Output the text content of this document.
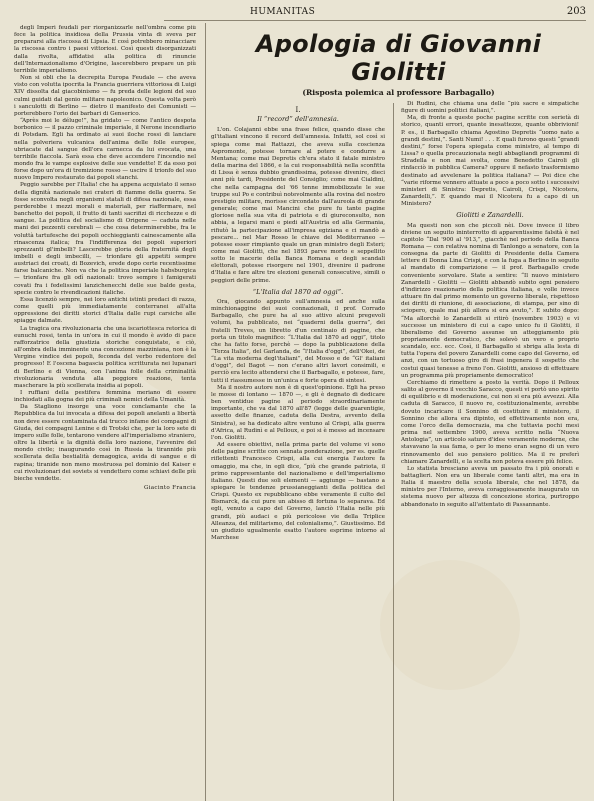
HUMANITAS	203

degli Imperi feudali per riorganizzarle nell'ombra come più fece la politica insidiosa della Prussia vinta di sveva per prepararsi alla riscossa di Lipsia. E così potrebbero minacciare la riscossa contro i paesi vittoriosi. Così questi disorganizzati dalla rivolta, affidatisi alla politica di rinuncie dell'Internazionalismo d'Origine, lascerebbero prepare un più terribile imperialismo.

Non si obli che la decrepita Europa Feudale — che aveva visto con volutta ipocrita la Francia guerriera vittoriosa di Luigi XIV dissolta dal giacobinismo — fu preda delle legioni del suo culmi guidati dal genio militare napoleonico. Questa volta però i sanculotti di Berlino — dietro il manifesto dei Comunisti — porterebbero l'orio dei barbari di Genserico.

“Après moi le déluge!”, ha gridato — come l'antico despota borbonico — il pazzo criminale imperiale, il Nerone incendiario di Potsdam. Egli ha ordinato ai suoi iloche rossi di lanciare nella polveriera vulcanica dell'anima delle folle europee, ubriacate dal sangue dell'ora carneсса da lui evocata, una terribile fiaccola. Sarà essa che deve accendere l'incendio nel mondo fra le vampe esplosive delle sue vendette! E da esso poi forse dopo un'ora di tremizione rosso — uscire il trionfo del suo nuovo Impero restaurato dai popoli stanchi.

Peggio sarebbe per l'Italia! che ha appena acquistato il senso della dignità nazionale nei crateri di fiamme della guerra. Se fosse sconvolta negli organismi statali di difesa nazionale, essa perderebbe i mezzi morali e materiali, per riaffermare, nel banchetto dei popoli, il frutto di tanti sacrifizi di ricchezze e di sangue. La politica del socialismo di Origene — caduta nelle mani dei pezzenti cerebrali — che cosa determinerebbe, fra le voluttà tartufesche dei popoli occhieggianti cainescamente alla rinascenza italica; fra l'indifferenza dei popoli superiori sprezzanti gl'imbelli? Lascerebbe gloria della fraternità degli imbelli e degli imbecilli, — trionfare gli appetiti sempre austriaci dei croati, di Bozevich, erede dopo certe recentissime farse balcaniche. Non va che la politica imperiale habsburgica — trionfare fra gli odî nazionali: trovo sempre i famigerati covati fra i fedelissimi lanzichenecchi delle sue balde gesta, specie contro le rivendicazioni italiche.

Essa licenziò sempre, nei loro antichi istinti predaci di razza, come quelli più immediatamente conterranei all'alta oppressione dei diritti storici d'Italia dalle rupi carsiche alle spiagge dalmate.

La tragica ora rivoluzionaria che una iscariottesca retorica di eunuchi rossi, tenta in un'ora in cui il mondo è avido di pace rafforzatrice della giustizia storiche conquistate, e ciò, all'ombra della imminente una concezione mazziniana, non è la Vergine vindice dei popoli, feconda del verbo redentore del progresso! E l'oscena bagascia politica scritturata nei lupanari di Berlino e di Vienna, con l'anima folle della criminalità rivoluzionaria venduta alla peggiore reazione, tenta mascherare la più scellerata insidia ai popoli.

I ruffiani della pestifera femmina meriano di essere inchiodati alla gogna dei più criminali nemici della Umanità.

Da Stagliono insorge una voce conclamante che la Repubblica da lui invocata a difesa dei popoli anelanti a libertà non deve essere contaminata dal trucco infame dei compagni di Giuda, dei compagni Lenine e di Trotski che, per la loro sete di impero sulle folle, tentarono vendere all'imperialismo straniero, oltre la libertà e la dignità della loro nazione, l'avvenire del mondo civile; inaugurando così in Russia la tirannide più scellerata della bestialità demagogica, avida di sangue e di rapina; tiranide non meno mostruosa pel dominio del Kaiser e cui rivoluzionari dei soviets si vendettero come schiavi delle più bieche vendette.

Giacinto Francia
Apologia di Giovanni Giolitti
(Risposta polemica al professore Barbagallo)
I.
Il “record” dell'amnesia.

L'on. Colajanni ebbe una frase felice, quando disse che gl'italiani vincono il record dell'amnesia. Infatti, sol così si spiega come mai Rattazzi, che aveva sulla coscienza Aspromonte, potesse tornare al potere e condurre a Mentana; come mai Depretis ch'era stato il fatale ministro della marina del 1866, e la cui responsabilità nella sconfitta di Lissa è senza dubbio grandissima, potesse divenire, dieci anni più tardi, Presidente del Consiglio; come mai Cialdini, che nella campagna del '66 tenne immobilizzate le sue truppe sul Po e contribuì notevolmente alla rovina del nostro prestigio militare, morisse circondato dall'aureola di grande generale; come mai Mancini che pure fu tante pagine gloriose nella sua vita di patriota e di giureconsulto, non abbia, a legarsi mani e piedi all'Austria ed alla Germania, rifiutò la partecipazione all'impresa egiziana e ci mandò a pescare... nel Mar Rosso le chiave del Mediterraneo — potesse esser rimpianto quale un gran ministro degli Esteri; come mai Giolitti, che nel 1893 parve morto e seppellito sotto le macerie della Banca Romana e degli scandali elettorali, potesse risorgere nel 1901, divenire il padrone d'Italia e fare altre tre elezioni generali consecutive, simili o peggiori delle prime.

“L'Italia dal 1870 ad oggi”.

Ora, giocando appunto sull'amnesia ed anche sulla minchionaggine dei suoi connazionali, il prof. Corrado Barbagallo, che pure ha al suo attivo alcuni pregevoli volumi, ha pubblicato, nei “quaderni della guerra”, dei fratelli Treves, un libretto d'un centinaio di pagine, che porta un titolo magnifico: “L'Italia dal 1870 ad oggi”, titolo che ha fatto forse, perchè — dopo la pubblicazione della “Terza Italia”, del Garlanda, de “l'Italia d'oggi”, dell'Okei, de “La vita moderna degl'italiani”, del Mosso e de “Gl' italiani d'oggi”, del Bagot — non c'erano altri lavori consimili, e perciò era lecito attendersi che il Barbagallo, e potesse, fare, tutti il riassumesse in un'unica e forte opera di sintesi.

Ma il nostro autore non è di quest'opinione. Egli ha preso le mosse di lontano — 1870 —, e gli è degnato di dedicare ben ventidue pagine al periodo straordinariamente importante, che va dal 1870 all'87 (legge delle guarentigie, assetto delle finanze, caduta della Destra, avvento della Sinistra), se ha dedicato altre ventuno al Crispi, alla guerra d'Africa, al Rudinì e al Pelloux, e poi si è messo ad incensare l'on. Giolitti.

Ad essere obiettivi, nella prima parte del volume vi sono delle pagine scritte con sennata ponderazione, per es. quelle riflettenti Francesco Crispi, alla cui energia l'autore fa omaggio, ma che, in egli dice, “più che grande patriota, il primo rappresentante del nazionalismo e dell'imperialismo italiano. Questi due soli elementi — aggiunge — bastano a spiegare le tendenze prussianeggianti della politica del Crispi. Questo ex repubblicano ebbe veramente il culto del Bismarck, da cui pure un abisso di fortuna lo separava. Ed egli, venuto a capo del Governo, lanciò l'Italia nelle più grandi, più audaci e più pericolose vie della Triplice Alleanza, del militarismo, del colonialismo,”. Giustissimo. Ed un giudizio ugualmente esatto l'autore esprime intorno al Marchese

Di Rudinì, che chiama una delle “più sacre e simpatiche figure di uomini politici italiani,”.

Ma, di fronte a queste poche pagine scritte con serietà di storico, quanti errori, quante inesattezze, quante obbrivioni! P. es., il Barbagallo chiama Agostino Depretis “uomo nato a grandi destini,”. Santi Numi! . . . E quali furono questi “grandi destini,” forse l'opera spiegata come ministro, al tempo di Lissa? o quella precauzionata negli abbagliandi programmi di Stradella e non mai svolta, come Benedetto Cairoli gli rinfacciò in pubblica Camera? oppure il nefasto trasformismo destinato ad avvelenare la politica italiana? — Poi dice che “varie riforme vennero attuate a poco a poco sotto i successivi ministeri di Sinistra: Depretis, Cairoli, Crispi, Nicotera, Zanardelli,”. E quando mai il Nicotera fu a capo di un Ministero?

Giolitti e Zanardelli.

Ma questi non son che piccoli nèi. Dove invece il libro diviene un seguito ininterrotto di apparentissime falsità è nel capitolo “Dal '900 al '913,”, giacchè nel periodo della Banca Romana — con relativa nomina di Tanlongo a senatore, con la consegna da parte di Giolitti di Presidente della Camera lettere di Donna Lina Crispi, e con la fuga a Berlino in seguito al mandato di comparizione — il prof. Barbagallo crede conveniente sorvolare. State a sentire: “Il nuovo ministero Zanardelli - Giolitti — Giolitti abbandò subito ogni pensiero d'indirizzo reazionario della politica italiana, e volle invece attuare fin dal primo momento un governo liberale, rispettoso dei diritti di riunione, di associazione, di stampa, per sino di sciopero, quale mai più allora si era avuto,”. E subito dopo: “Ma allorchè lo Zanardelli si ritirò (novembre 1903) e vi successe un ministero di cui a capo unico fu il Giolitti, il liberalismo del Governo assunse un atteggiamento più propriamente democratico, che solevò un vero e proprio scandalo, ecc. ecc. Così, il Barbagallo si sbriga alla lesta di tutta l'opera del povero Zanardelli come capo del Governo, ed anzi, con un tortuoso giro di frasi ingenera il sospetto che costui quasi tenesse a freno l'on. Giolitti, ansioso di effettuare un programma più propriamente democratico!

Cerchiamo di rimettere a posto la verità. Dopo il Pelloux salito al governo il vecchio Saracco, questi vi portò uno spirito di equilibrio e di moderazione, cui non si era più avvezzi. Alla caduta di Saracco, il nuovo re, costituzionalmente, avrebbe dovuto incaricare il Sonnino di costituire il ministero, il Sonnino che allora era dipinto, ed effettivamente non era, come l'orco della democrazia, ma che tuttavia pochi mesi prima nel settembre 1900, aveva scritto nella “Nuova Antologia”, un articolo saturo d'idee veramente moderne, che stavavano la sua fama, o per lo meno eran segno di un vero rinnovamento del suo pensiero politico. Ma il re preferì chiamare Zanardelli, e la scelta non poteva essere più felice.

Lo statista bresciano aveva un passato fra i più onorati e battaglieri. Non era un liberale come tanti altri, ma era in Italia il maestro della scuola liberale, che nel 1878, da ministro per l'Interno, aveva coraggiosamente inaugurato un sistema nuovo per altezza di concezione storica, purtroppo abbandonato in seguito all'attentato di Passannante.
